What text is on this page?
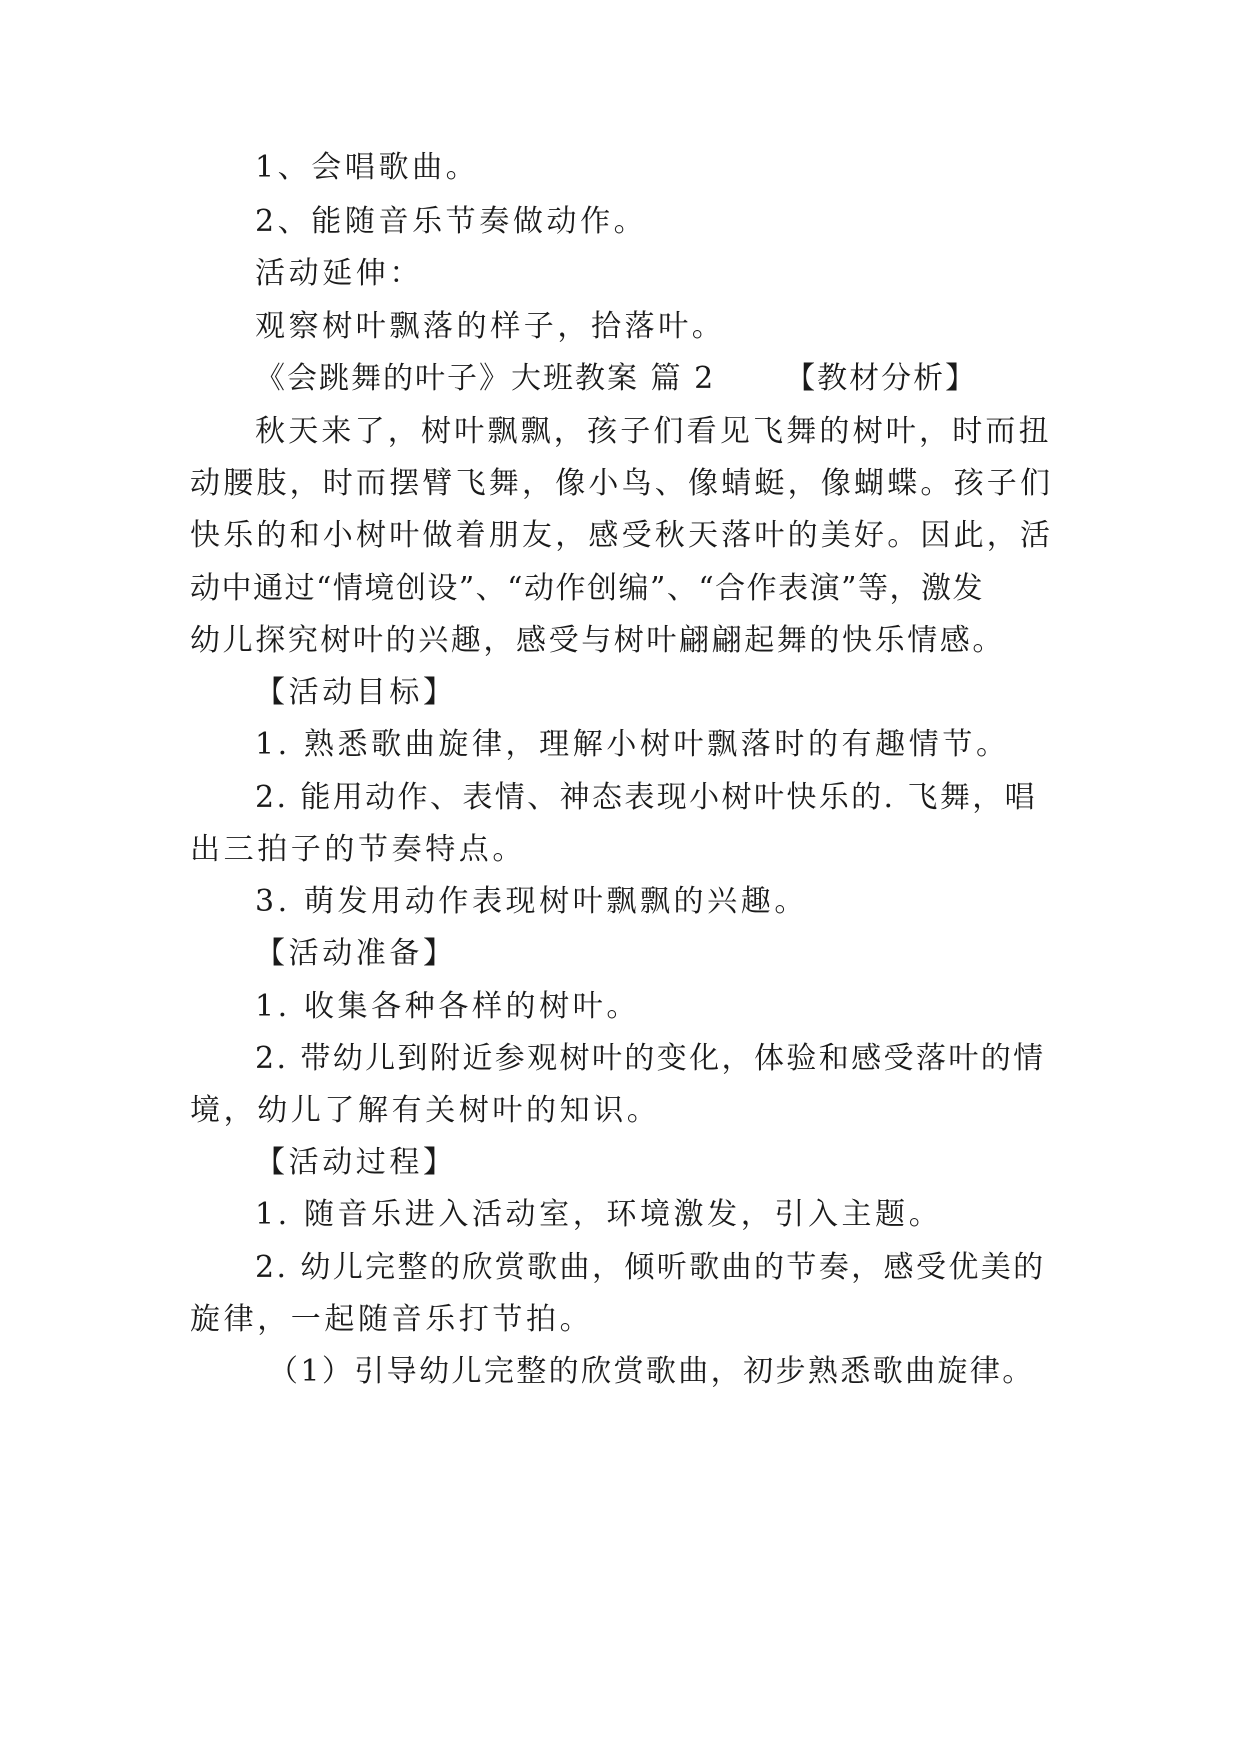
1、会唱歌曲。
2、能随音乐节奏做动作。
活动延伸：
观察树叶飘落的样子，拾落叶。
《会跳舞的叶子》大班教案 篇 2 【教材分析】
秋天来了，树叶飘飘，孩子们看见飞舞的树叶，时而扭
动腰肢，时而摆臂飞舞，像小鸟、像蜻蜓，像蝴蝶。孩子们
快乐的和小树叶做着朋友，感受秋天落叶的美好。因此，活
动中通过“情境创设”、“动作创编”、“合作表演”等，激发
幼儿探究树叶的兴趣，感受与树叶翩翩起舞的快乐情感。
【活动目标】
1. 熟悉歌曲旋律，理解小树叶飘落时的有趣情节。
2. 能用动作、表情、神态表现小树叶快乐的. 飞舞，唱
出三拍子的节奏特点。
3. 萌发用动作表现树叶飘飘的兴趣。
【活动准备】
1. 收集各种各样的树叶。
2. 带幼儿到附近参观树叶的变化，体验和感受落叶的情
境，幼儿了解有关树叶的知识。
【活动过程】
1. 随音乐进入活动室，环境激发，引入主题。
2. 幼儿完整的欣赏歌曲，倾听歌曲的节奏，感受优美的
旋律，一起随音乐打节拍。
（1）引导幼儿完整的欣赏歌曲，初步熟悉歌曲旋律。
